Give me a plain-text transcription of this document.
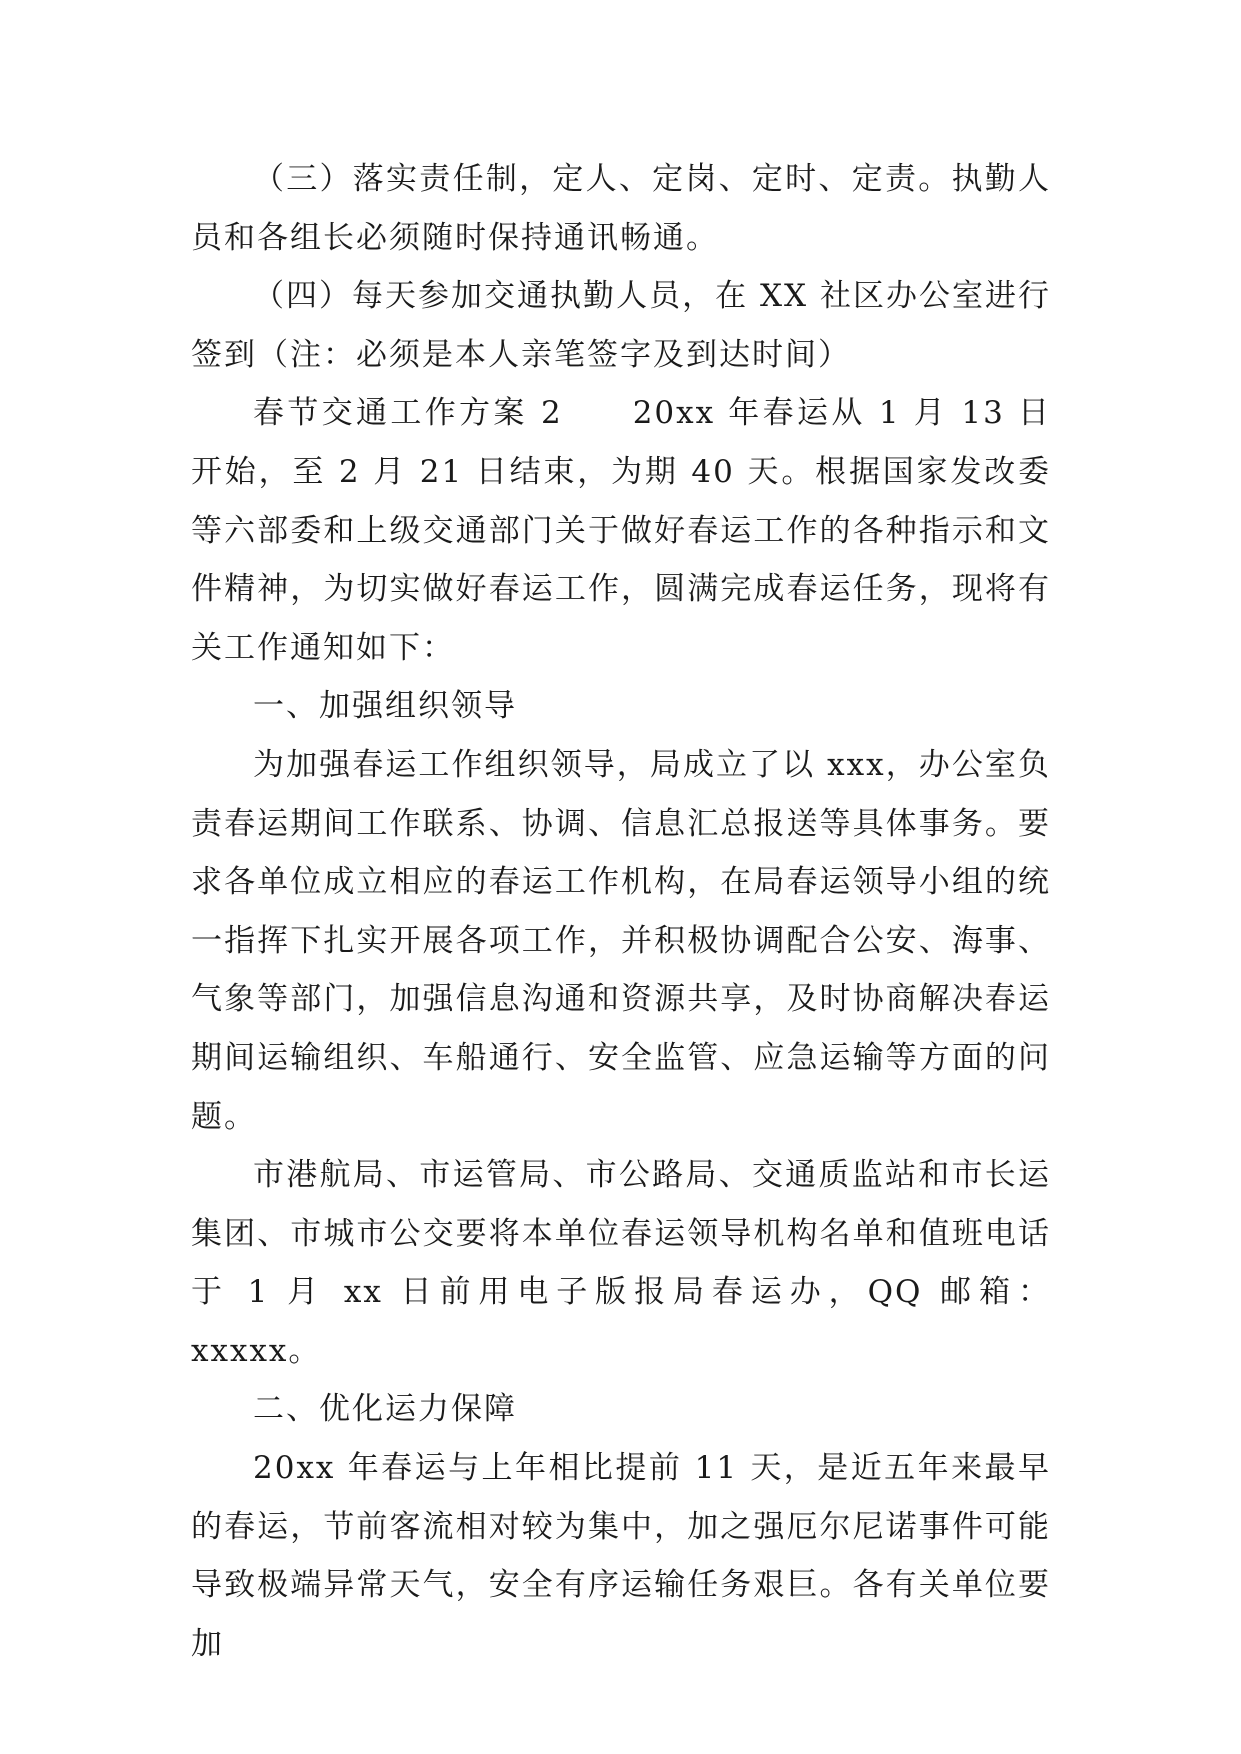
（三）落实责任制，定人、定岗、定时、定责。执勤人员和各组长必须随时保持通讯畅通。

（四）每天参加交通执勤人员，在 XX 社区办公室进行签到（注：必须是本人亲笔签字及到达时间）

春节交通工作方案 2　　20xx 年春运从 1 月 13 日开始，至 2 月 21 日结束，为期 40 天。根据国家发改委等六部委和上级交通部门关于做好春运工作的各种指示和文件精神，为切实做好春运工作，圆满完成春运任务，现将有关工作通知如下：

一、加强组织领导

为加强春运工作组织领导，局成立了以 xxx，办公室负责春运期间工作联系、协调、信息汇总报送等具体事务。要求各单位成立相应的春运工作机构，在局春运领导小组的统一指挥下扎实开展各项工作，并积极协调配合公安、海事、气象等部门，加强信息沟通和资源共享，及时协商解决春运期间运输组织、车船通行、安全监管、应急运输等方面的问题。

市港航局、市运管局、市公路局、交通质监站和市长运集团、市城市公交要将本单位春运领导机构名单和值班电话于 1 月 xx 日前用电子版报局春运办，QQ 邮箱：xxxxx。

二、优化运力保障

20xx 年春运与上年相比提前 11 天，是近五年来最早的春运，节前客流相对较为集中，加之强厄尔尼诺事件可能导致极端异常天气，安全有序运输任务艰巨。各有关单位要加
